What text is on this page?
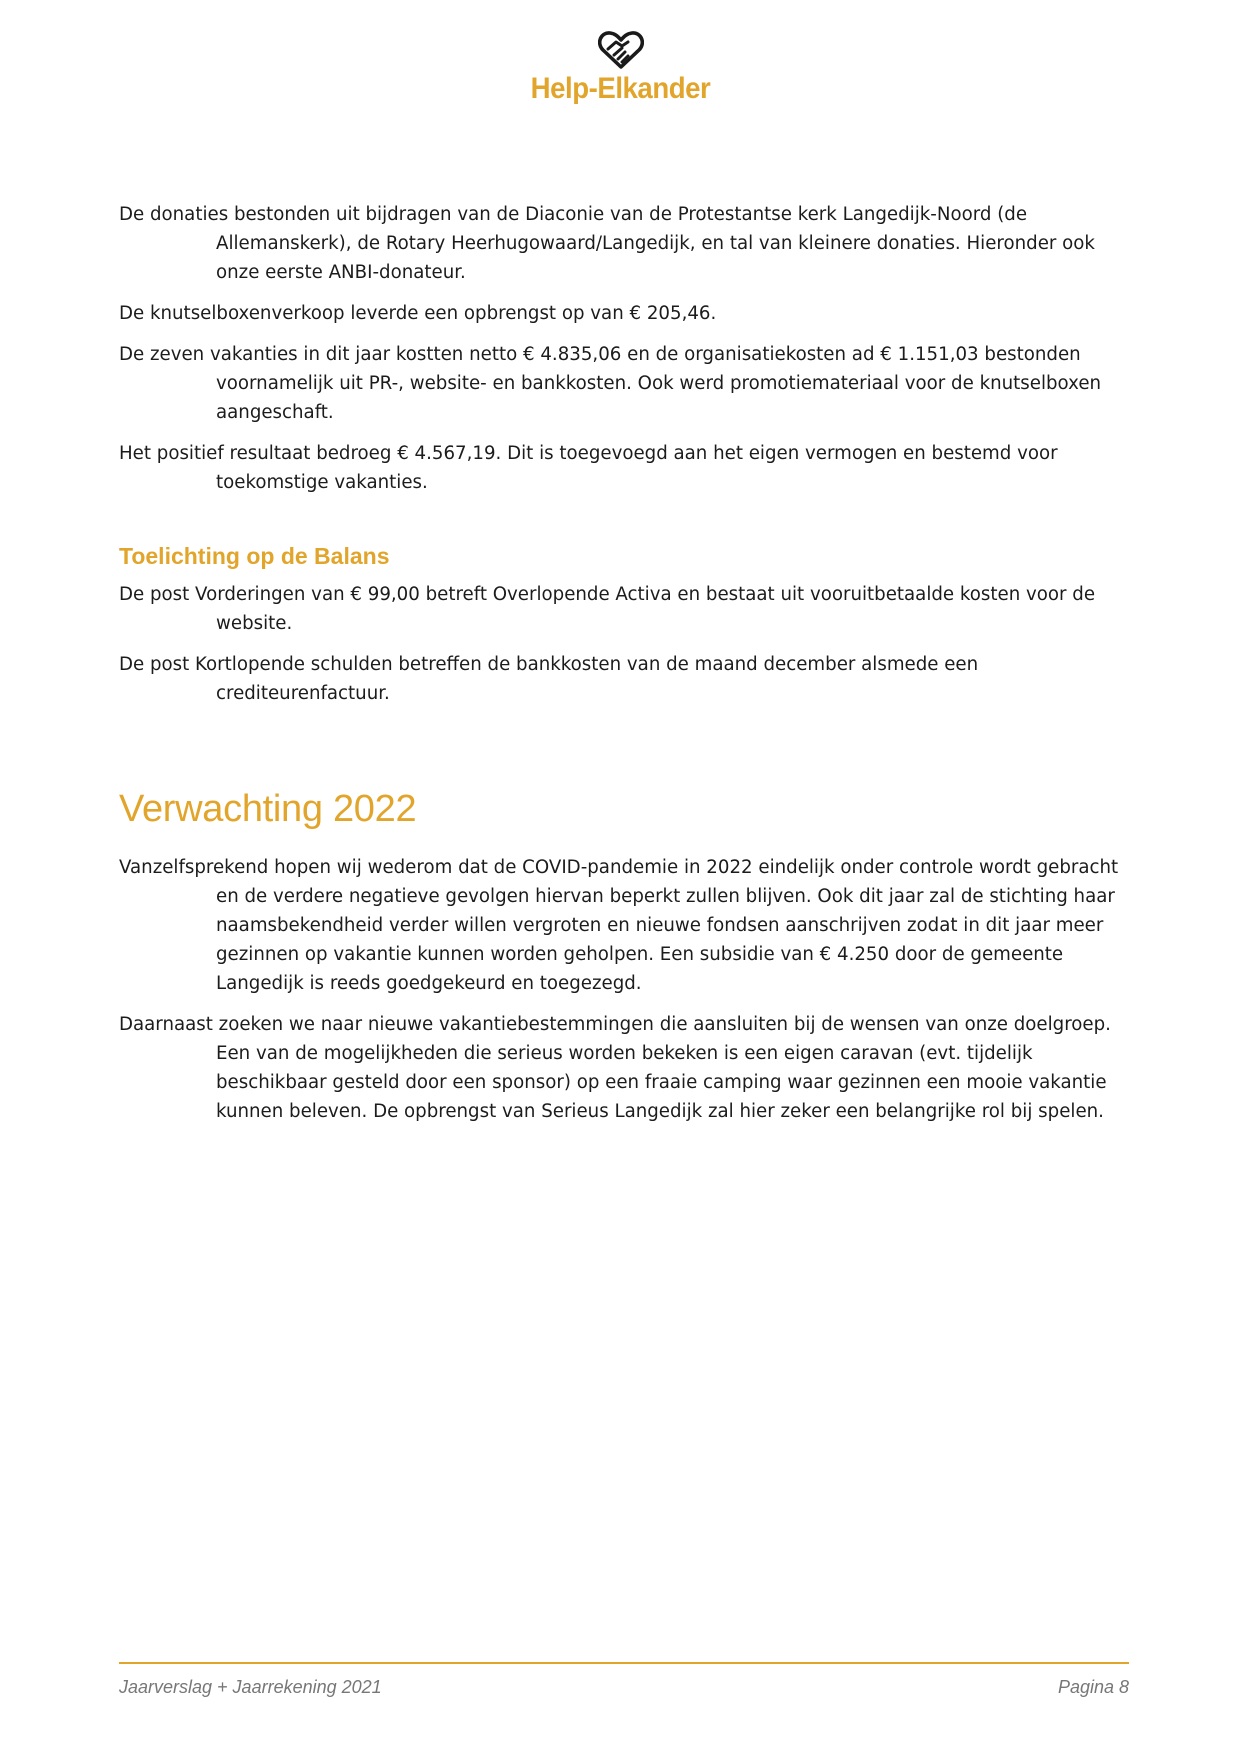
Help-Elkander

De donaties bestonden uit bijdragen van de Diaconie van de Protestantse kerk Langedijk-Noord (de Allemanskerk), de Rotary Heerhugowaard/Langedijk, en tal van kleinere donaties. Hieronder ook onze eerste ANBI-donateur.

De knutselboxenverkoop leverde een opbrengst op van € 205,46.

De zeven vakanties in dit jaar kostten netto € 4.835,06 en de organisatiekosten ad € 1.151,03 bestonden voornamelijk uit PR-, website- en bankkosten. Ook werd promotiemateriaal voor de knutselboxen aangeschaft.

Het positief resultaat bedroeg € 4.567,19. Dit is toegevoegd aan het eigen vermogen en bestemd voor toekomstige vakanties.

Toelichting op de Balans

De post Vorderingen van € 99,00 betreft Overlopende Activa en bestaat uit vooruitbetaalde kosten voor de website.

De post Kortlopende schulden betreffen de bankkosten van de maand december alsmede een crediteurenfactuur.

Verwachting 2022

Vanzelfsprekend hopen wij wederom dat de COVID-pandemie in 2022 eindelijk onder controle wordt gebracht en de verdere negatieve gevolgen hiervan beperkt zullen blijven. Ook dit jaar zal de stichting haar naamsbekendheid verder willen vergroten en nieuwe fondsen aanschrijven zodat in dit jaar meer gezinnen op vakantie kunnen worden geholpen. Een subsidie van € 4.250 door de gemeente Langedijk is reeds goedgekeurd en toegezegd.

Daarnaast zoeken we naar nieuwe vakantiebestemmingen die aansluiten bij de wensen van onze doelgroep. Een van de mogelijkheden die serieus worden bekeken is een eigen caravan (evt. tijdelijk beschikbaar gesteld door een sponsor) op een fraaie camping waar gezinnen een mooie vakantie kunnen beleven. De opbrengst van Serieus Langedijk zal hier zeker een belangrijke rol bij spelen.

Jaarverslag + Jaarrekening 2021	Pagina 8
